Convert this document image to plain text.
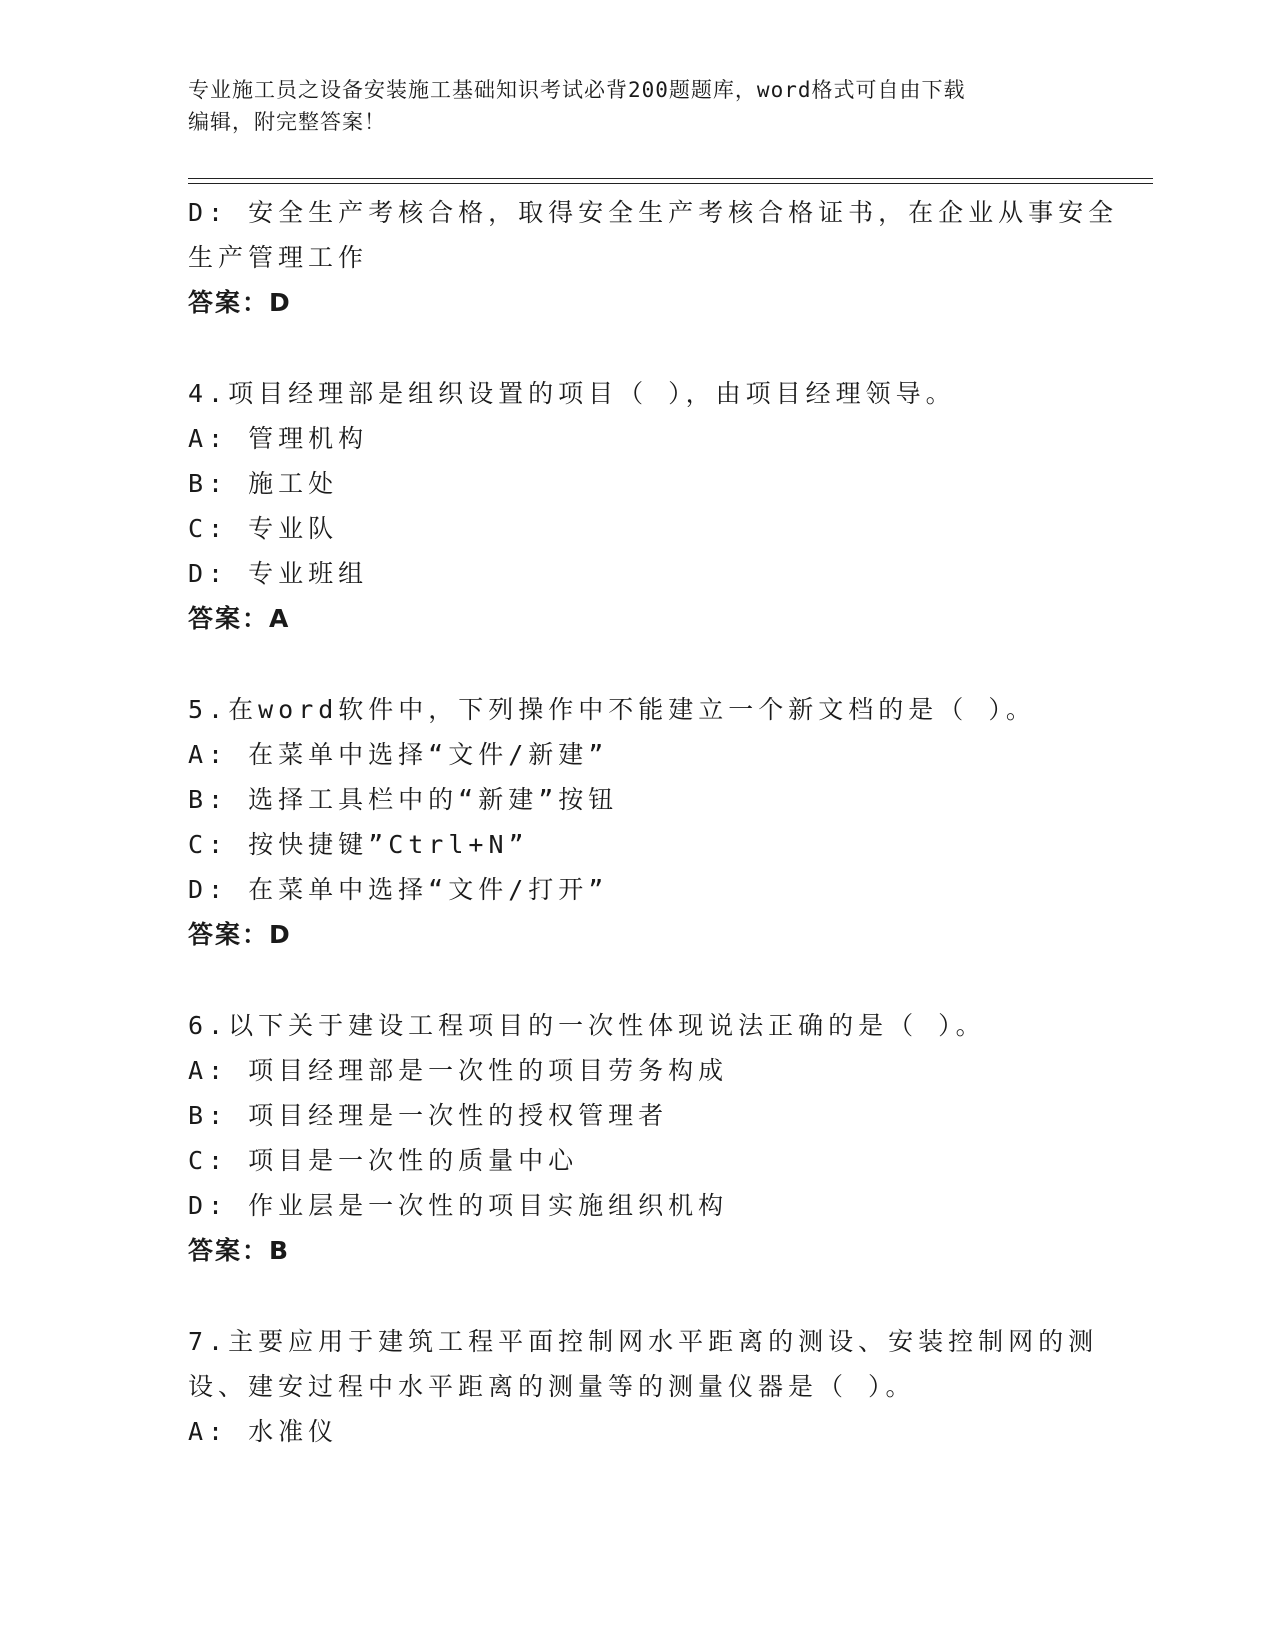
专业施工员之设备安装施工基础知识考试必背200题题库，word格式可自由下载
编辑，附完整答案！
D: 安全生产考核合格，取得安全生产考核合格证书，在企业从事安全
生产管理工作
答案：D
4.项目经理部是组织设置的项目（ ），由项目经理领导。
A: 管理机构
B: 施工处
C: 专业队
D: 专业班组
答案：A
5.在word软件中，下列操作中不能建立一个新文档的是（ ）。
A: 在菜单中选择“文件/新建”
B: 选择工具栏中的“新建”按钮
C: 按快捷键”Ctrl+N”
D: 在菜单中选择“文件/打开”
答案：D
6.以下关于建设工程项目的一次性体现说法正确的是（ ）。
A: 项目经理部是一次性的项目劳务构成
B: 项目经理是一次性的授权管理者
C: 项目是一次性的质量中心
D: 作业层是一次性的项目实施组织机构
答案：B
7.主要应用于建筑工程平面控制网水平距离的测设、安装控制网的测
设、建安过程中水平距离的测量等的测量仪器是（ ）。
A: 水准仪
